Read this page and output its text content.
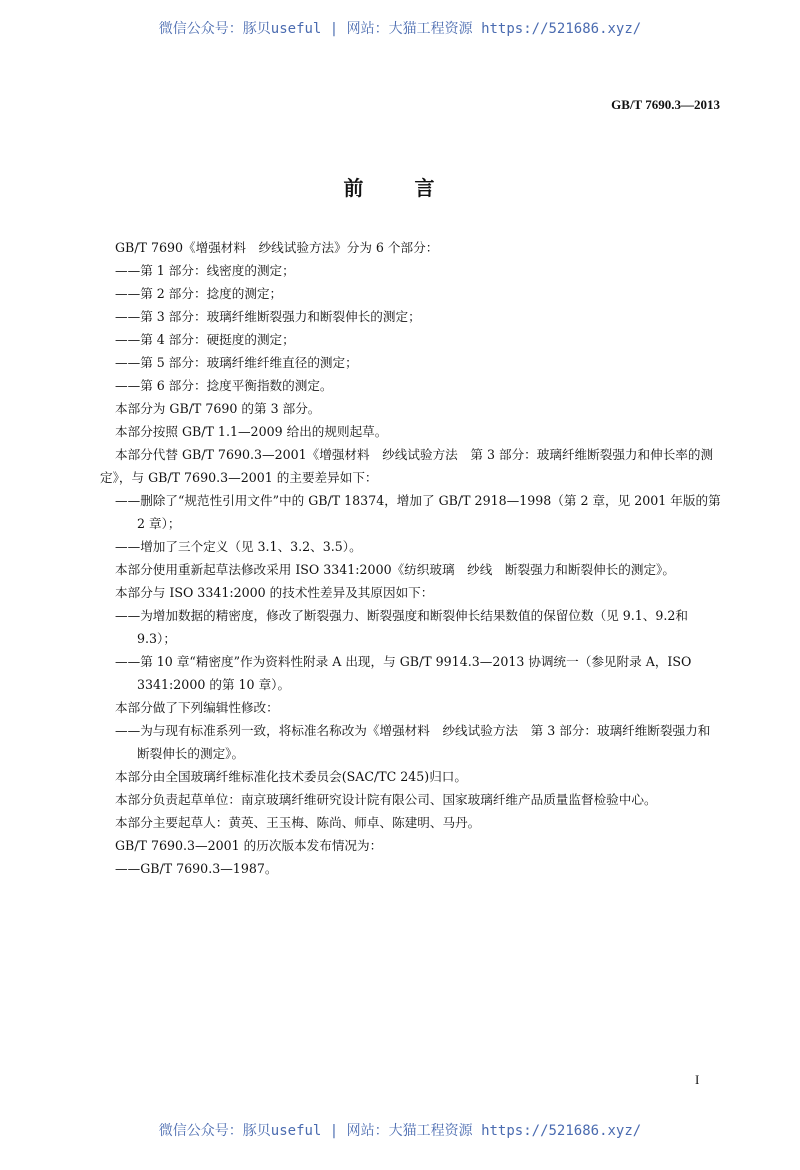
微信公众号：豚贝useful | 网站：大猫工程资源 https://521686.xyz/
GB/T 7690.3—2013
前 言

GB/T 7690《增强材料　纱线试验方法》分为 6 个部分：

——第 1 部分：线密度的测定；

——第 2 部分：捻度的测定；

——第 3 部分：玻璃纤维断裂强力和断裂伸长的测定；

——第 4 部分：硬挺度的测定；

——第 5 部分：玻璃纤维纤维直径的测定；

——第 6 部分：捻度平衡指数的测定。

本部分为 GB/T 7690 的第 3 部分。

本部分按照 GB/T 1.1—2009 给出的规则起草。

本部分代替 GB/T 7690.3—2001《增强材料　纱线试验方法　第 3 部分：玻璃纤维断裂强力和伸长率的测定》，与 GB/T 7690.3—2001 的主要差异如下：

——删除了“规范性引用文件”中的 GB/T 18374，增加了 GB/T 2918—1998（第 2 章，见 2001 年版的第 2 章）；

——增加了三个定义（见 3.1、3.2、3.5）。

本部分使用重新起草法修改采用 ISO 3341:2000《纺织玻璃　纱线　断裂强力和断裂伸长的测定》。

本部分与 ISO 3341:2000 的技术性差异及其原因如下：

——为增加数据的精密度，修改了断裂强力、断裂强度和断裂伸长结果数值的保留位数（见 9.1、9.2和 9.3）；

——第 10 章“精密度”作为资料性附录 A 出现，与 GB/T 9914.3—2013 协调统一（参见附录 A，ISO 3341:2000 的第 10 章）。

本部分做了下列编辑性修改：

——为与现有标准系列一致，将标准名称改为《增强材料　纱线试验方法　第 3 部分：玻璃纤维断裂强力和断裂伸长的测定》。

本部分由全国玻璃纤维标准化技术委员会(SAC/TC 245)归口。

本部分负责起草单位：南京玻璃纤维研究设计院有限公司、国家玻璃纤维产品质量监督检验中心。

本部分主要起草人：黄英、王玉梅、陈尚、师卓、陈建明、马丹。

GB/T 7690.3—2001 的历次版本发布情况为：

——GB/T 7690.3—1987。

I
微信公众号：豚贝useful | 网站：大猫工程资源 https://521686.xyz/
